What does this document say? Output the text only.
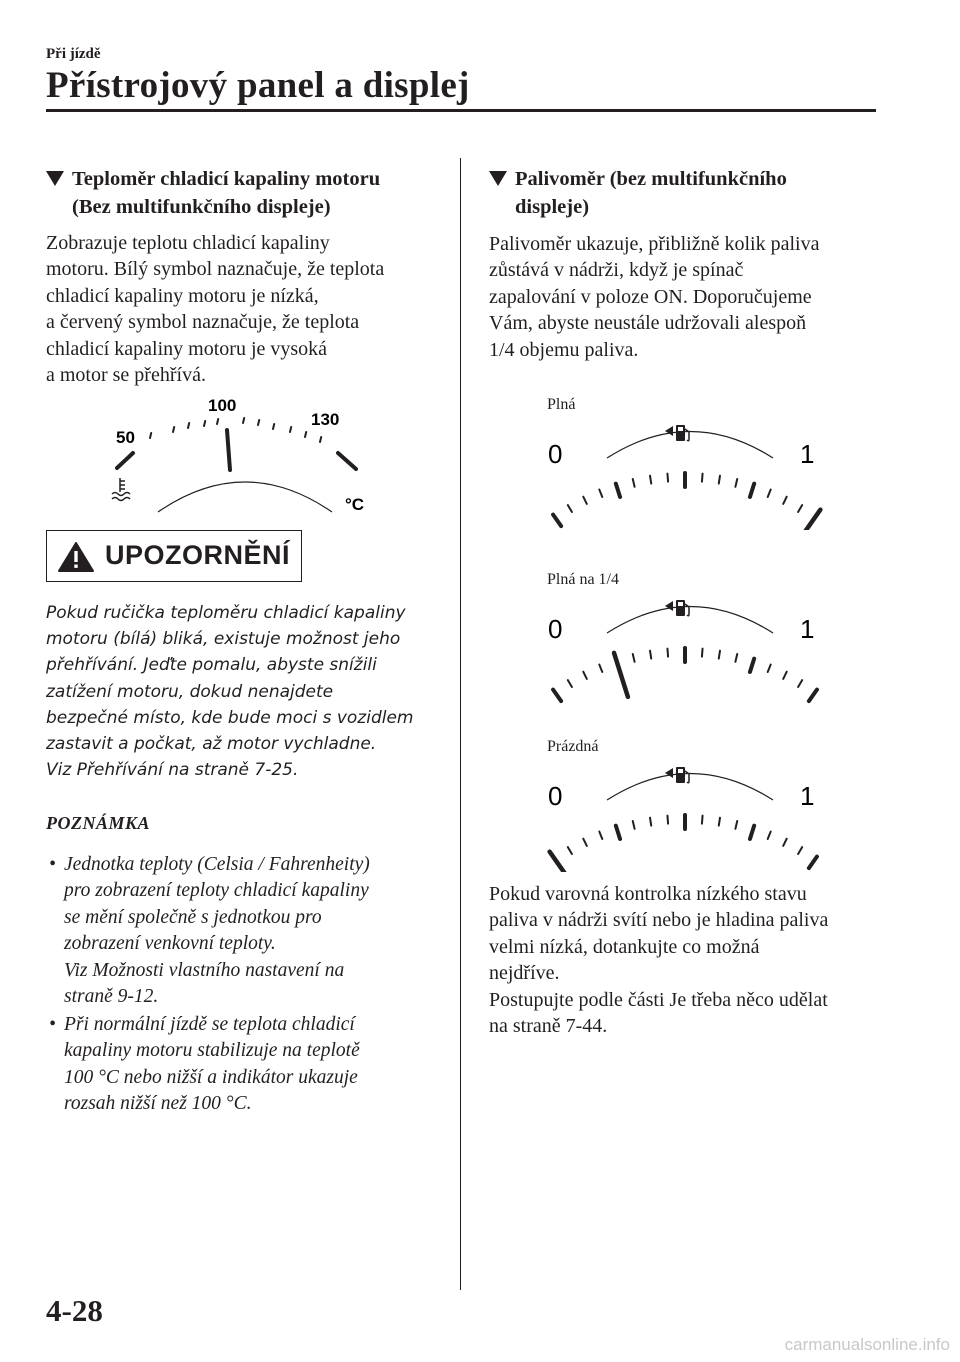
Při jízdě
Přístrojový panel a displej
Teploměr chladicí kapaliny motoru
(Bez multifunkčního displeje)
Zobrazuje teplotu chladicí kapaliny
motoru. Bílý symbol naznačuje, že teplota
chladicí kapaliny motoru je nízká,
a červený symbol naznačuje, že teplota
chladicí kapaliny motoru je vysoká
a motor se přehřívá.
50
100
130
°C
UPOZORNĚNÍ
Pokud ručička teploměru chladicí kapaliny
motoru (bílá) bliká, existuje možnost jeho
přehřívání. Jeďte pomalu, abyste snížili
zatížení motoru, dokud nenajdete
bezpečné místo, kde bude moci s vozidlem
zastavit a počkat, až motor vychladne.
Viz Přehřívání na straně 7-25.
POZNÁMKA
• Jednotka teploty (Celsia / Fahrenheity)
pro zobrazení teploty chladicí kapaliny
se mění společně s jednotkou pro
zobrazení venkovní teploty.
Viz Možnosti vlastního nastavení na
straně 9-12.
• Při normální jízdě se teplota chladicí
kapaliny motoru stabilizuje na teplotě
100 °C nebo nižší a indikátor ukazuje
rozsah nižší než 100 °C.
Palivoměr (bez multifunkčního
displeje)
Palivoměr ukazuje, přibližně kolik paliva
zůstává v nádrži, když je spínač
zapalování v poloze ON. Doporučujeme
Vám, abyste neustále udržovali alespoň
1/4 objemu paliva.
Plná
0	1
Plná na 1/4
0	1
Prázdná
0	1
Pokud varovná kontrolka nízkého stavu
paliva v nádrži svítí nebo je hladina paliva
velmi nízká, dotankujte co možná
nejdříve.
Postupujte podle části Je třeba něco udělat
na straně 7-44.
4-28
carmanualsonline.info
